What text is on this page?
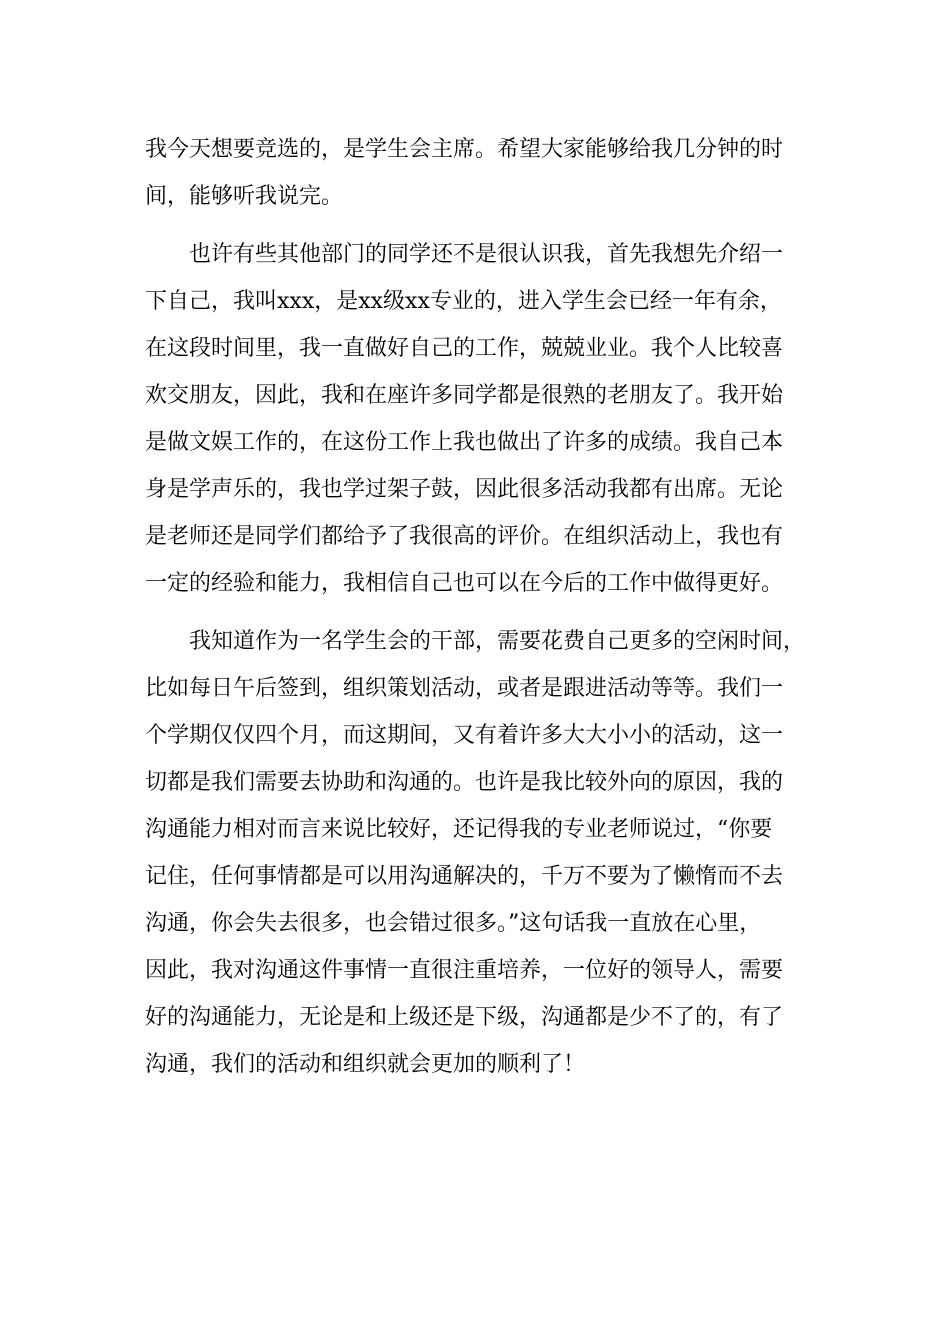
我今天想要竞选的，是学生会主席。希望大家能够给我几分钟的时
间，能够听我说完。
也许有些其他部门的同学还不是很认识我，首先我想先介绍一
下自己，我叫xxx，是xx级xx专业的，进入学生会已经一年有余，
在这段时间里，我一直做好自己的工作，兢兢业业。我个人比较喜
欢交朋友，因此，我和在座许多同学都是很熟的老朋友了。我开始
是做文娱工作的，在这份工作上我也做出了许多的成绩。我自己本
身是学声乐的，我也学过架子鼓，因此很多活动我都有出席。无论
是老师还是同学们都给予了我很高的评价。在组织活动上，我也有
一定的经验和能力，我相信自己也可以在今后的工作中做得更好。
我知道作为一名学生会的干部，需要花费自己更多的空闲时间，
比如每日午后签到，组织策划活动，或者是跟进活动等等。我们一
个学期仅仅四个月，而这期间，又有着许多大大小小的活动，这一
切都是我们需要去协助和沟通的。也许是我比较外向的原因，我的
沟通能力相对而言来说比较好，还记得我的专业老师说过，“你要
记住，任何事情都是可以用沟通解决的，千万不要为了懒惰而不去
沟通，你会失去很多，也会错过很多。”这句话我一直放在心里，
因此，我对沟通这件事情一直很注重培养，一位好的领导人，需要
好的沟通能力，无论是和上级还是下级，沟通都是少不了的，有了
沟通，我们的活动和组织就会更加的顺利了！
